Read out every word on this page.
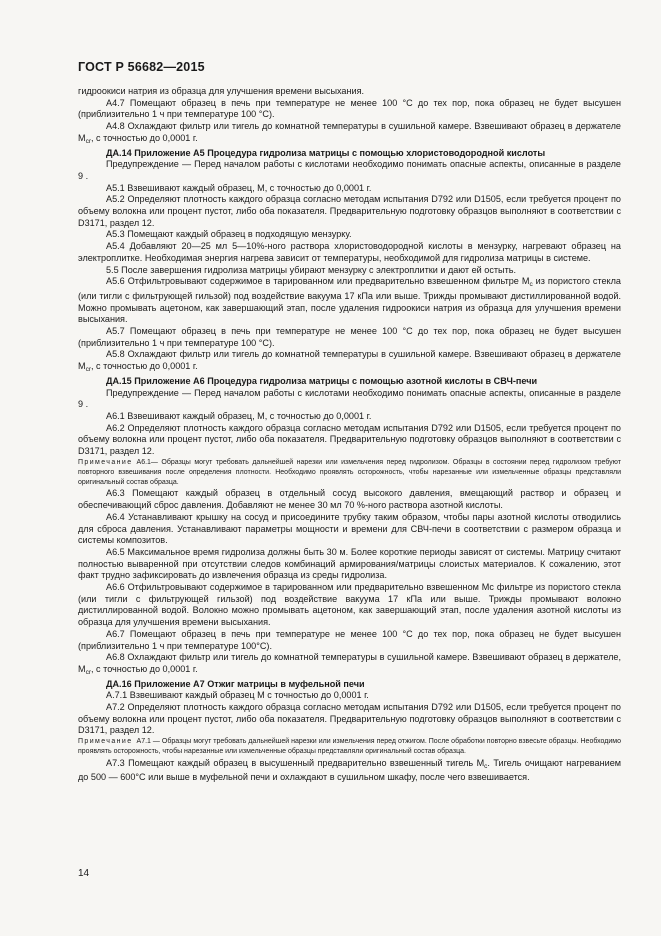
ГОСТ Р 56682—2015

гидроокиси натрия из образца для улучшения времени высыхания.

А4.7 Помещают образец в печь при температуре не менее 100 °С до тех пор, пока образец не будет высушен (приблизительно 1 ч при температуре 100 °С).

А4.8 Охлаждают фильтр или тигель до комнатной температуры в сушильной камере. Взвешивают образец в держателе $M_{cr}$, с точностью до 0,0001 г.

ДА.14 Приложение А5 Процедура гидролиза матрицы с помощью хлористоводородной кислоты

Предупреждение — Перед началом работы с кислотами необходимо понимать опасные аспекты, описанные в разделе 9 .

А5.1 Взвешивают каждый образец, М, с точностью до 0,0001 г.

А5.2 Определяют плотность каждого образца согласно методам испытания D792 или D1505, если требуется процент по объему волокна или процент пустот, либо оба показателя. Предварительную подготовку образцов выполняют в соответствии с D3171, раздел 12.

А5.3 Помещают каждый образец в подходящую мензурку.

А5.4 Добавляют 20—25 мл 5—10%-ного раствора хлористоводородной кислоты в мензурку, нагревают образец на электроплитке. Необходимая энергия нагрева зависит от температуры, необходимой для гидролиза матрицы в системе.

5.5 После завершения гидролиза матрицы убирают мензурку с электроплитки и дают ей остыть.

А5.6 Отфильтровывают содержимое в тарированном или предварительно взвешенном фильтре $M_c$ из пористого стекла (или тигли с фильтрующей гильзой) под воздействие вакуума 17 кПа или выше. Трижды промывают дистиллированной водой. Можно промывать ацетоном, как завершающий этап, после удаления гидроокиси натрия из образца для улучшения времени высыхания.

А5.7 Помещают образец в печь при температуре не менее 100 °С до тех пор, пока образец не будет высушен (приблизительно 1 ч при температуре 100 °С).

А5.8 Охлаждают фильтр или тигель до комнатной температуры в сушильной камере. Взвешивают образец в держателе $M_{cr}$, с точностью до 0,0001 г.

ДА.15 Приложение А6 Процедура гидролиза матрицы с помощью азотной кислоты в СВЧ-печи

Предупреждение — Перед началом работы с кислотами необходимо понимать опасные аспекты, описанные в разделе 9 .

А6.1 Взвешивают каждый образец, М, с точностью до 0,0001 г.

А6.2 Определяют плотность каждого образца согласно методам испытания D792 или D1505, если требуется процент по объему волокна или процент пустот, либо оба показателя. Предварительную подготовку образцов выполняют в соответствии с D3171, раздел 12.

Примечание А6.1— Образцы могут требовать дальнейшей нарезки или измельчения перед гидролизом. Образцы в состоянии перед гидролизом требуют повторного взвешивания после определения плотности. Необходимо проявлять осторожность, чтобы нарезанные или измельченные образцы представляли оригинальный состав образца.

А6.3 Помещают каждый образец в отдельный сосуд высокого давления, вмещающий раствор и образец и обеспечивающий сброс давления. Добавляют не менее 30 мл 70 %-ного раствора азотной кислоты.

А6.4 Устанавливают крышку на сосуд и присоедините трубку таким образом, чтобы пары азотной кислоты отводились для сброса давления. Устанавливают параметры мощности и времени для СВЧ-печи в соответствии с размером образца и системы композитов.

А6.5 Максимальное время гидролиза должны быть 30 м. Более короткие периоды зависят от системы. Матрицу считают полностью вываренной при отсутствии следов комбинаций армирования/матрицы слоистых материалов. К сожалению, этот факт трудно зафиксировать до извлечения образца из среды гидролиза.

А6.6 Отфильтровывают содержимое в тарированном или предварительно взвешенном Мс фильтре из пористого стекла (или тигли с фильтрующей гильзой) под воздействие вакуума 17 кПа или выше. Трижды промывают волокно дистиллированной водой. Волокно можно промывать ацетоном, как завершающий этап, после удаления азотной кислоты из образца для улучшения времени высыхания.

А6.7 Помещают образец в печь при температуре не менее 100 °С до тех пор, пока образец не будет высушен (приблизительно 1 ч при температуре 100°С).

А6.8 Охлаждают фильтр или тигель до комнатной температуры в сушильной камере. Взвешивают образец в держателе, $M_{cr}$, с точностью до 0,0001 г.

ДА.16 Приложение А7 Отжиг матрицы в муфельной печи

А.7.1 Взвешивают каждый образец М с точностью до 0,0001 г.

А7.2 Определяют плотность каждого образца согласно методам испытания D792 или D1505, если требуется процент по объему волокна или процент пустот, либо оба показателя. Предварительную подготовку образцов выполняют в соответствии с D3171, раздел 12.

Примечание А7.1 — Образцы могут требовать дальнейшей нарезки или измельчения перед отжигом. После обработки повторно взвесьте образцы. Необходимо проявлять осторожность, чтобы нарезанные или измельченные образцы представляли оригинальный состав образца.

А7.3 Помещают каждый образец в высушенный предварительно взвешенный тигель $M_c$. Тигель очищают нагреванием до 500 — 600°С или выше в муфельной печи и охлаждают в сушильном шкафу, после чего взвешивается.

14
